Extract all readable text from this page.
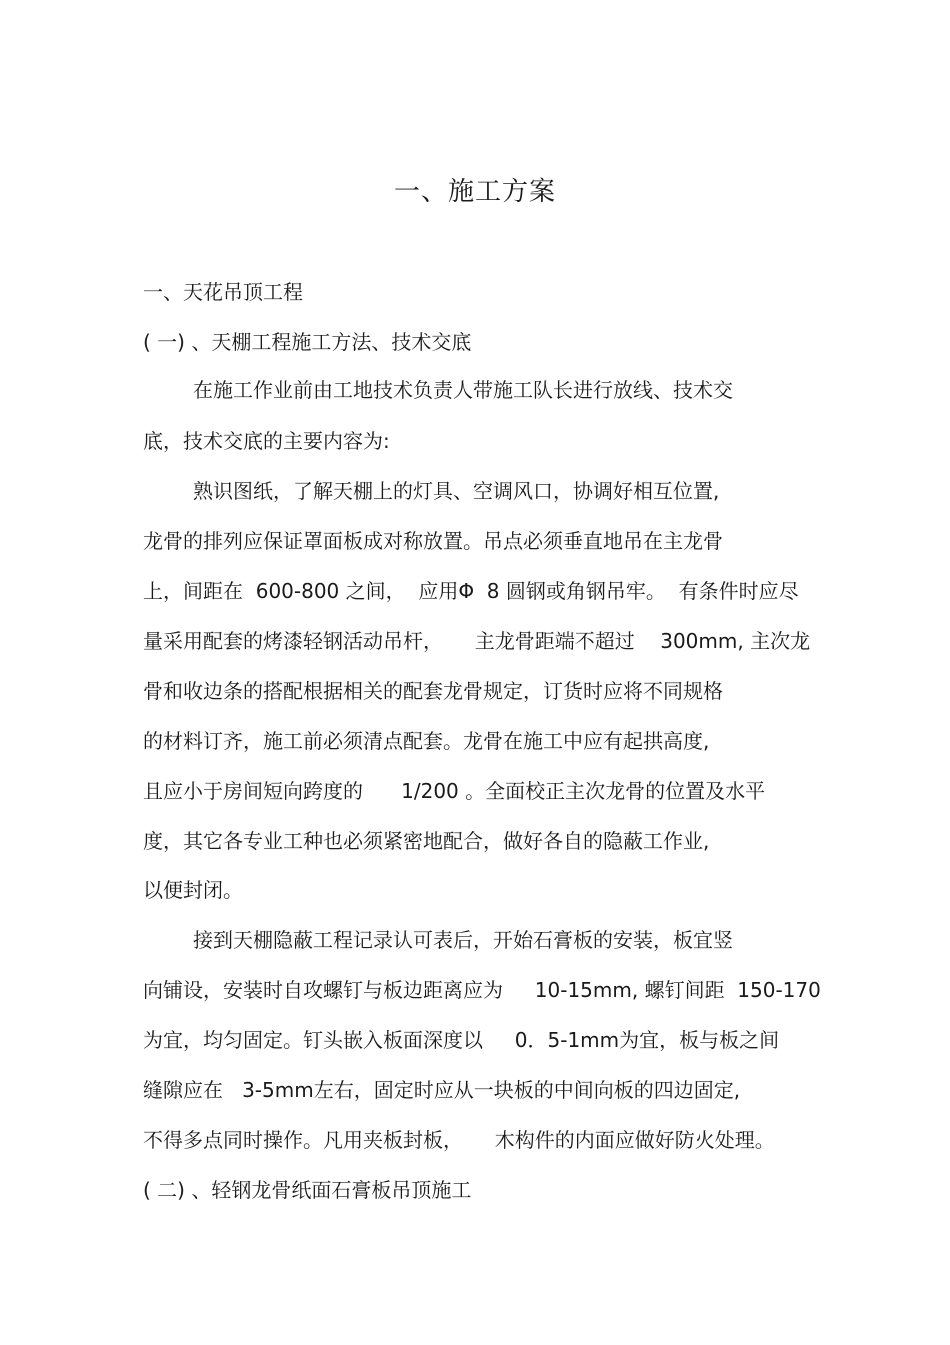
一、施工方案

一、天花吊顶工程

( 一) 、天棚工程施工方法、技术交底

在施工作业前由工地技术负责人带施工队长进行放线、技术交

底，技术交底的主要内容为:

熟识图纸，了解天棚上的灯具、空调风口，协调好相互位置,

龙骨的排列应保证罩面板成对称放置。吊点必须垂直地吊在主龙骨

上，间距在  600-800 之间，  应用Φ  8 圆钢或角钢吊牢。  有条件时应尽

量采用配套的烤漆轻钢活动吊杆，     主龙骨距端不超过    300mm, 主次龙

骨和收边条的搭配根据相关的配套龙骨规定，订货时应将不同规格

的材料订齐，施工前必须清点配套。龙骨在施工中应有起拱高度,

且应小于房间短向跨度的      1/200 。全面校正主次龙骨的位置及水平

度，其它各专业工种也必须紧密地配合，做好各自的隐蔽工作业,

以便封闭。

接到天棚隐蔽工程记录认可表后，开始石膏板的安装，板宜竖

向铺设，安装时自攻螺钉与板边距离应为     10-15mm, 螺钉间距  150-170

为宜，均匀固定。钉头嵌入板面深度以     0．5-1mm为宜，板与板之间

缝隙应在   3-5mm左右，固定时应从一块板的中间向板的四边固定,

不得多点同时操作。凡用夹板封板，     木构件的内面应做好防火处理。

( 二) 、轻钢龙骨纸面石膏板吊顶施工
